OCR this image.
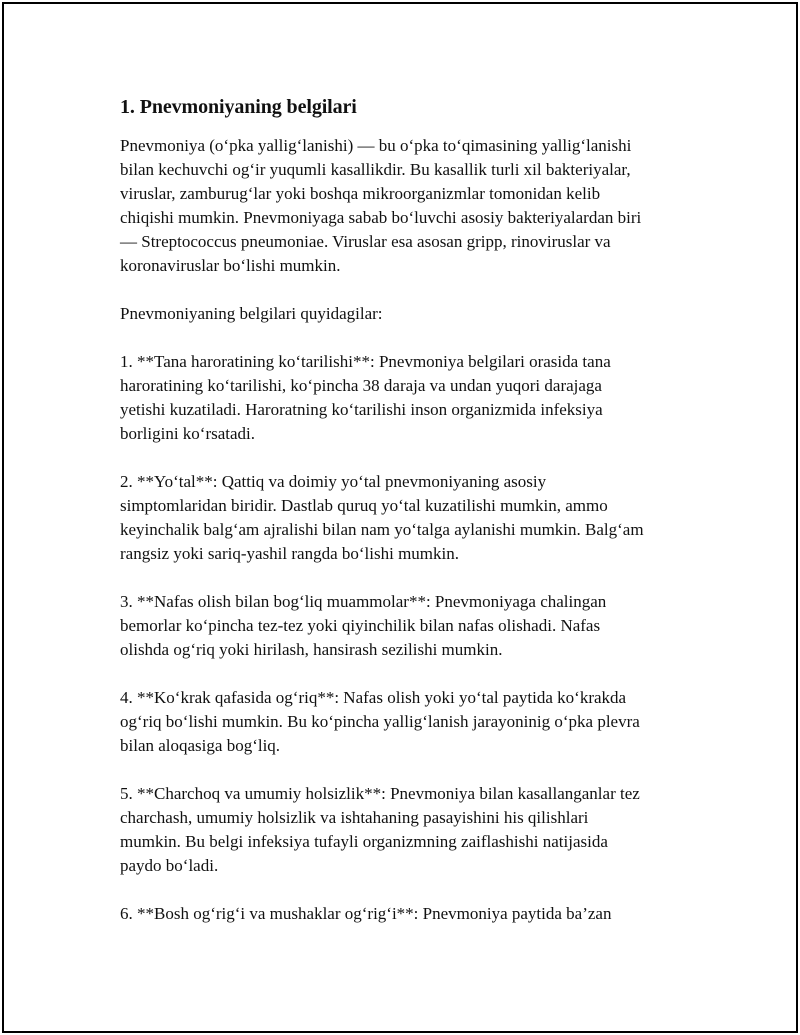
1. Pnevmoniyaning belgilari

Pnevmoniya (o‘pka yallig‘lanishi) — bu o‘pka to‘qimasining yallig‘lanishi
bilan kechuvchi og‘ir yuqumli kasallikdir. Bu kasallik turli xil bakteriyalar,
viruslar, zamburug‘lar yoki boshqa mikroorganizmlar tomonidan kelib
chiqishi mumkin. Pnevmoniyaga sabab bo‘luvchi asosiy bakteriyalardan biri
— Streptococcus pneumoniae. Viruslar esa asosan gripp, rinoviruslar va
koronaviruslar bo‘lishi mumkin.

Pnevmoniyaning belgilari quyidagilar:

1. **Tana haroratining ko‘tarilishi**: Pnevmoniya belgilari orasida tana
haroratining ko‘tarilishi, ko‘pincha 38 daraja va undan yuqori darajaga
yetishi kuzatiladi. Haroratning ko‘tarilishi inson organizmida infeksiya
borligini ko‘rsatadi.

2. **Yo‘tal**: Qattiq va doimiy yo‘tal pnevmoniyaning asosiy
simptomlaridan biridir. Dastlab quruq yo‘tal kuzatilishi mumkin, ammo
keyinchalik balg‘am ajralishi bilan nam yo‘talga aylanishi mumkin. Balg‘am
rangsiz yoki sariq-yashil rangda bo‘lishi mumkin.

3. **Nafas olish bilan bog‘liq muammolar**: Pnevmoniyaga chalingan
bemorlar ko‘pincha tez-tez yoki qiyinchilik bilan nafas olishadi. Nafas
olishda og‘riq yoki hirilash, hansirash sezilishi mumkin.

4. **Ko‘krak qafasida og‘riq**: Nafas olish yoki yo‘tal paytida ko‘krakda
og‘riq bo‘lishi mumkin. Bu ko‘pincha yallig‘lanish jarayoninig o‘pka plevra
bilan aloqasiga bog‘liq.

5. **Charchoq va umumiy holsizlik**: Pnevmoniya bilan kasallanganlar tez
charchash, umumiy holsizlik va ishtahaning pasayishini his qilishlari
mumkin. Bu belgi infeksiya tufayli organizmning zaiflashishi natijasida
paydo bo‘ladi.

6. **Bosh og‘rig‘i va mushaklar og‘rig‘i**: Pnevmoniya paytida ba’zan
